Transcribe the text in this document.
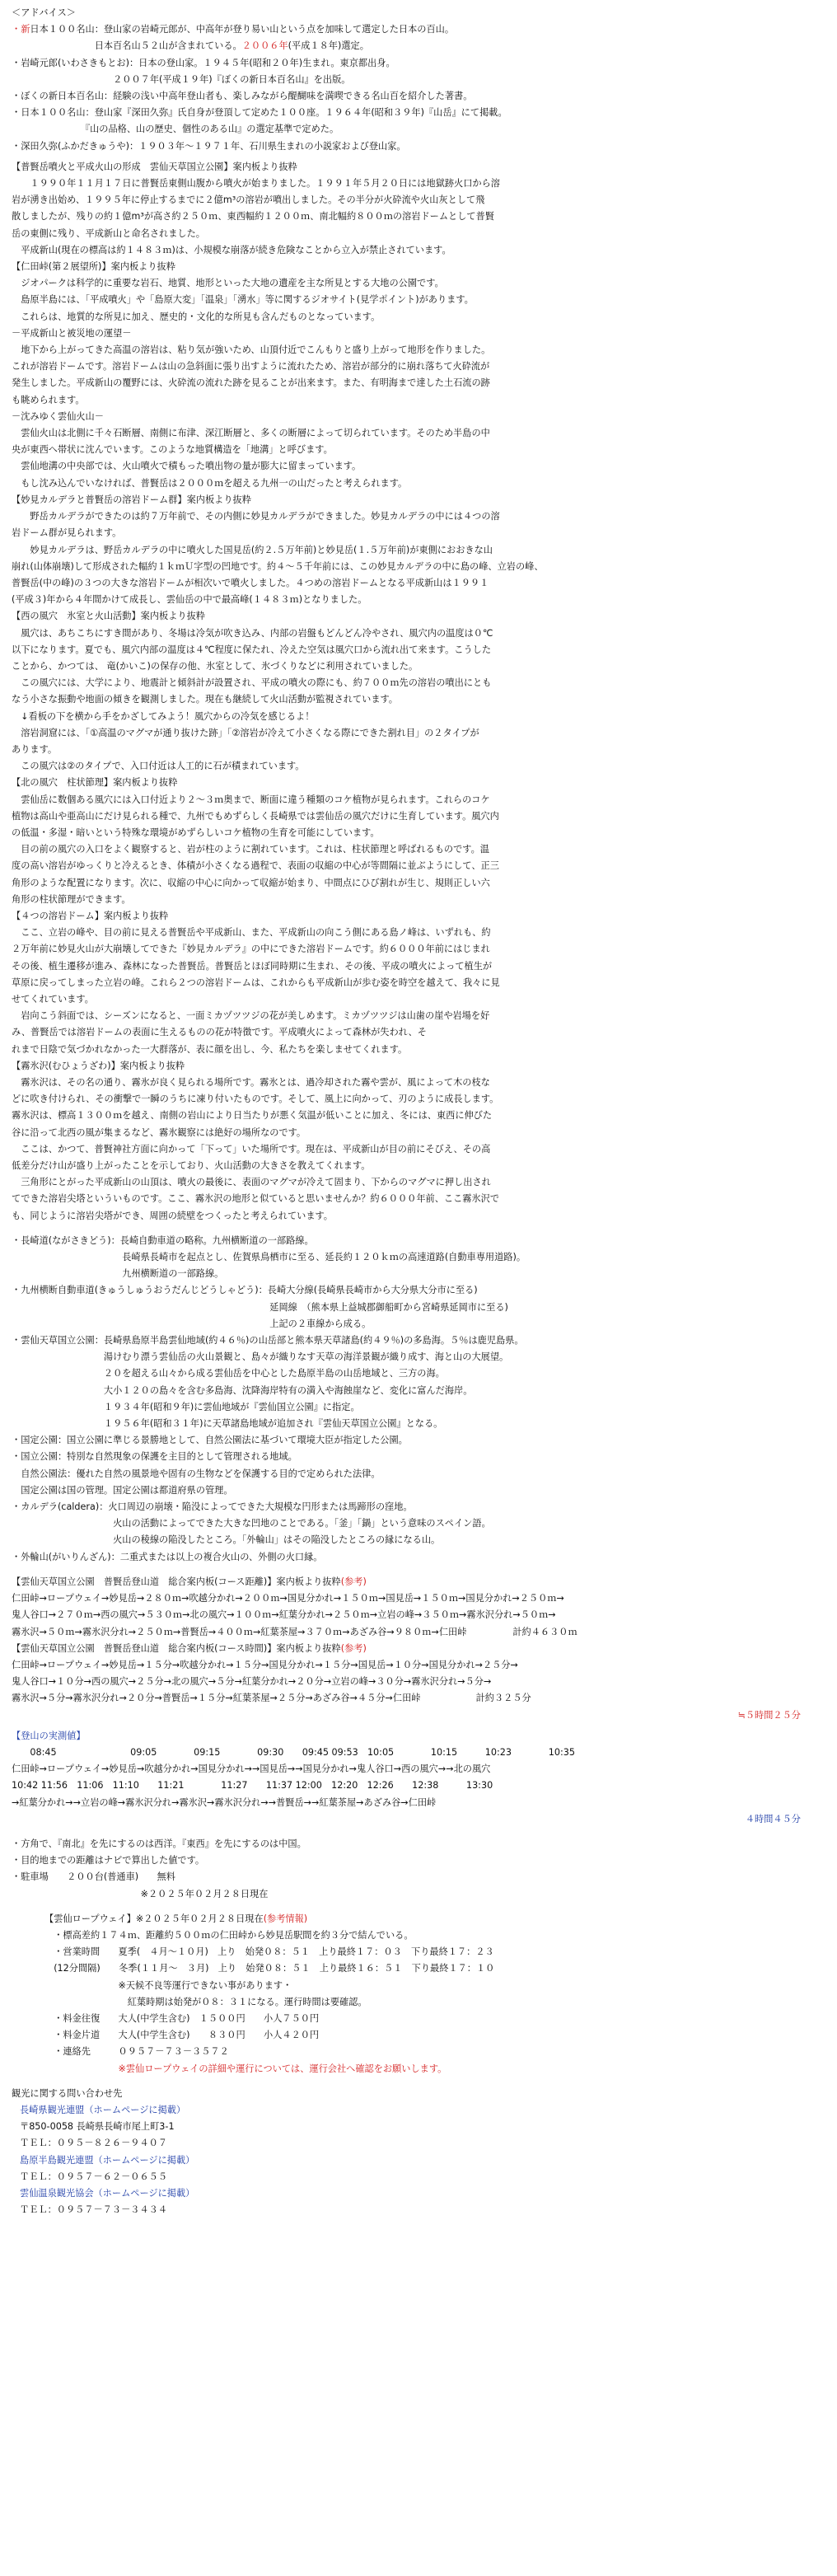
＜アドバイス＞
・新日本１００名山：登山家の岩崎元郎が、中高年が登り易い山という点を加味して選定した日本の百山。
　　　　　　　　　日本百名山５２山が含まれている。２００６年(平成１８年)選定。
・岩崎元郎(いわさきもとお)：日本の登山家。１９４５年(昭和２０年)生まれ。東京都出身。
　　　　　　　　　　　２００７年(平成１９年)『ぼくの新日本百名山』を出版。
・ぼくの新日本百名山：経験の浅い中高年登山者も、楽しみながら醍醐味を満喫できる名山百を紹介した著書。
・日本１００名山：登山家『深田久弥』氏自身が登頂して定めた１００座。１９６４年(昭和３９年)『山岳』にて掲載。
　　　　　　　　『山の品格、山の歴史、個性のある山』の選定基準で定めた。
・深田久弥(ふかだきゅうや)：１９０３年～１９７１年、石川県生まれの小説家および登山家。
【普賢岳噴火と平成火山の形成　雲仙天草国立公園】案内板より抜粋
　　１９９０年１１月１７日に普賢岳東側山腹から噴火が始まりました。１９９１年５月２０日には地獄跡火口から溶
岩が湧き出始め、１９９５年に停止するまでに２億m³の溶岩が噴出しました。その半分が火砕流や火山灰として飛
散しましたが、残りの約１億m³が高さ約２５０ｍ、東西幅約１２００ｍ、南北幅約８００ｍの溶岩ドームとして普賢
岳の東側に残り、平成新山と命名されました。
　平成新山(現在の標高は約１４８３ｍ)は、小規模な崩落が続き危険なことから立入が禁止されています。
【仁田峠(第２展望所)】案内板より抜粋
　ジオパークは科学的に重要な岩石、地質、地形といった大地の遺産を主な所見とする大地の公園です。
　島原半島には、「平成噴火」や「島原大変」「温泉」「湧水」等に関するジオサイト(見学ポイント)があります。
　これらは、地質的な所見に加え、歴史的・文化的な所見も含んだものとなっています。
－平成新山と被災地の運望－
　地下から上がってきた高温の溶岩は、粘り気が強いため、山頂付近でこんもりと盛り上がって地形を作りました。
これが溶岩ドームです。溶岩ドームは山の急斜面に張り出すように流れたため、溶岩が部分的に崩れ落ちて火砕流が
発生しました。平成新山の覆野には、火砕流の流れた跡を見ることが出来ます。また、有明海まで達した土石流の跡
も眺められます。
－沈みゆく雲仙火山－
　雲仙火山は北側に千々石断層、南側に布津、深江断層と、多くの断層によって切られています。そのため半島の中
央が東西へ帯状に沈んでいます。このような地質構造を「地溝」と呼びます。
　雲仙地溝の中央部では、火山噴火で積もった噴出物の量が膨大に留まっています。
　もし沈み込んでいなければ、普賢岳は２０００ｍを超える九州一の山だったと考えられます。
【妙見カルデラと普賢岳の溶岩ドーム群】案内板より抜粋
　　野岳カルデラができたのは約７万年前で、その内側に妙見カルデラができました。妙見カルデラの中には４つの溶
岩ドーム群が見られます。
　　妙見カルデラは、野岳カルデラの中に噴火した国見岳(約２.５万年前)と妙見岳(１.５万年前)が東側におおきな山
崩れ(山体崩壊)して形成された幅約１ｋｍＵ字型の凹地です。約４～５千年前には、この妙見カルデラの中に島の峰、立岩の峰、
普賢岳(中の峰)の３つの大きな溶岩ドームが相次いで噴火しました。４つめの溶岩ドームとなる平成新山は１９９１
(平成３)年から４年間かけて成長し、雲仙岳の中で最高峰(１４８３ｍ)となりました。
【西の風穴　氷室と火山活動】案内板より抜粋
　風穴は、あちこちにすき間があり、冬場は冷気が吹き込み、内部の岩盤もどんどん冷やされ、風穴内の温度は０℃
以下になります。夏でも、風穴内部の温度は４℃程度に保たれ、冷えた空気は風穴口から流れ出て来ます。こうした
ことから、かつては、 竜(かいこ)の保存の他、氷室として、氷づくりなどに利用されていました。
　この風穴には、大学により、地震計と傾斜計が設置され、平成の噴火の際にも、約７００ｍ先の溶岩の噴出にとも
なう小さな振動や地面の傾きを観測しました。現在も継続して火山活動が監視されています。
　↓看板の下を横から手をかざしてみよう！風穴からの冷気を感じるよ！
　溶岩洞窟には、「①高温のマグマが通り抜けた跡」「②溶岩が冷えて小さくなる際にできた割れ目」の２タイプが
あります。
　この風穴は②のタイプで、入口付近は人工的に石が積まれています。
【北の風穴　柱状節理】案内板より抜粋
　雲仙岳に数個ある風穴には入口付近より２～３ｍ奥まで、断面に違う種類のコケ植物が見られます。これらのコケ
植物は高山や亜高山にだけ見られる種で、九州でもめずらしく長崎県では雲仙岳の風穴だけに生育しています。風穴内
の低温・多湿・暗いという特殊な環境がめずらしいコケ植物の生育を可能にしています。
　目の前の風穴の入口をよく観察すると、岩が柱のように割れています。これは、柱状節理と呼ばれるものです。温
度の高い溶岩がゆっくりと冷えるとき、体積が小さくなる過程で、表面の収縮の中心が等間隔に並ぶようにして、正三
角形のような配置になります。次に、収縮の中心に向かって収縮が始まり、中間点にひび割れが生じ、規則正しい六
角形の柱状節理ができます。
【４つの溶岩ドーム】案内板より抜粋
　ここ、立岩の峰や、目の前に見える普賢岳や平成新山、また、平成新山の向こう側にある島ノ峰は、いずれも、約
２万年前に妙見火山が大崩壊してできた『妙見カルデラ』の中にできた溶岩ドームです。約６０００年前にはじまれ
その後、植生遷移が進み、森林になった普賢岳。普賢岳とほぼ同時期に生まれ、その後、平成の噴火によって植生が
草原に戻ってしまった立岩の峰。これら２つの溶岩ドームは、これからも平成新山が歩む姿を時空を越えて、我々に見
せてくれています。
　岩向こう斜面では、シーズンになると、一面ミカヅツツジの花が美しめます。ミカヅツツジは山歯の崖や岩場を好
み、普賢岳では溶岩ドームの表面に生えるものの花が特徴です。平成噴火によって森林が失われ、そ
れまで日陰で気づかれなかった一大群落が、表に顔を出し、今、私たちを楽しませてくれます。
【霧氷沢(むひょうざわ)】案内板より抜粋
　霧氷沢は、その名の通り、霧氷が良く見られる場所です。霧氷とは、過冷却された霧や雲が、風によって木の枝な
どに吹き付けられ、その衝撃で一瞬のうちに凍り付いたものです。そして、風上に向かって、刃のように成長します。
霧氷沢は、標高１３００ｍを越え、南側の岩山により日当たりが悪く気温が低いことに加え、冬には、東西に伸びた
谷に沿って北西の風が集まるなど、霧氷観察には絶好の場所なのです。
　ここは、かつて、普賢神社方面に向かって「下って」いた場所です。現在は、平成新山が目の前にそびえ、その高
低差分だけ山が盛り上がったことを示しており、火山活動の大きさを教えてくれます。
　三角形にとがった平成新山の山頂は、噴火の最後に、表面のマグマが冷えて固まり、下からのマグマに押し出され
てできた溶岩尖塔といういものです。ここ、霧氷沢の地形と似ていると思いませんか？約６０００年前、ここ霧氷沢で
も、同じように溶岩尖塔ができ、周囲の続壁をつくったと考えられています。
・長崎道(ながさきどう)：長崎自動車道の略称。九州横断道の一部路線。
　　　　　　　　　　　　長崎県長崎市を起点とし、佐賀県鳥栖市に至る、延長約１２０ｋｍの高速道路(自動車専用道路)。
　　　　　　　　　　　　九州横断道の一部路線。
・九州横断自動車道(きゅうしゅうおうだんじどうしゃどう)：長崎大分線(長崎県長崎市から大分県大分市に至る)
　　　　　　　　　　　　　　　　　　　　　　　　　　　　延岡線　（熊本県上益城郡御船町から宮崎県延岡市に至る)
　　　　　　　　　　　　　　　　　　　　　　　　　　　　上記の２車線から成る。
・雲仙天草国立公園：長崎県島原半島雲仙地域(約４６％)の山岳部と熊本県天草諸島(約４９％)の多島海。５％は鹿児島県。
　　　　　　　　　　湯けむり漂う雲仙岳の火山景観と、島々が織りなす天草の海洋景観が織り成す、海と山の大展望。
　　　　　　　　　　２０を超える山々から成る雲仙岳を中心とした島原半島の山岳地域と、三方の海。
　　　　　　　　　　大小１２０の島々を含む多島海、沈降海岸特有の満入や海蝕崖など、変化に富んだ海岸。
　　　　　　　　　　１９３４年(昭和９年)に雲仙地域が『雲仙国立公園』に指定。
　　　　　　　　　　１９５６年(昭和３１年)に天草諸島地域が追加され『雲仙天草国立公園』となる。
・国定公園：国立公園に準じる景勝地として、自然公園法に基づいて環境大臣が指定した公園。
・国立公園：特別な自然現象の保護を主目的として管理される地域。
　自然公園法：優れた自然の風景地や固有の生物などを保護する目的で定められた法律。
　国定公園は国の管理。国定公園は都道府県の管理。
・カルデラ(caldera)：火口周辺の崩壊・陥没によってできた大規模な円形または馬蹄形の窪地。
　　　　　　　　　　　火山の活動によってできた大きな凹地のことである。「釜」「鍋」という意味のスペイン語。
　　　　　　　　　　　火山の稜線の陥没したところ。「外輪山」はその陥没したところの縁になる山。
・外輪山(がいりんざん)：二重式または以上の複合火山の、外側の火口縁。
【雲仙天草国立公園　普賢岳登山道　総合案内板(コース距離)】案内板より抜粋(参考)
仁田峠→ロープウェイ→妙見岳→２８０ｍ→吹越分かれ→２００ｍ→国見分かれ→１５０ｍ→国見岳→１５０ｍ→国見分かれ→２５０ｍ→
鬼人谷口→２７０ｍ→西の風穴→５３０ｍ→北の風穴→１００ｍ→紅葉分かれ→２５０ｍ→立岩の峰→３５０ｍ→霧氷沢分れ→５０ｍ→
霧氷沢→５０ｍ→霧氷沢分れ→２５０ｍ→普賢岳→４００ｍ→紅葉茶屋→３７０ｍ→あざみ谷→９８０ｍ→仁田峠　　　　　計約４６３０ｍ
【雲仙天草国立公園　普賢岳登山道　総合案内板(コース時間)】案内板より抜粋(参考)
仁田峠→ロープウェイ→妙見岳→１５分→吹越分かれ→１５分→国見分かれ→１５分→国見岳→１０分→国見分かれ→２５分→
鬼人谷口→１０分→西の風穴→２５分→北の風穴→５分→紅葉分かれ→２０分→立岩の峰→３０分→霧氷沢分れ→５分→
霧氷沢→５分→霧氷沢分れ→２０分→普賢岳→１５分→紅葉茶屋→２５分→あざみ谷→４５分→仁田峠　　　　　　計約３２５分
≒５時間２５分
【登山の実測値】
　　08:45　　　　　　　　09:05　　　　09:15　　　　09:30　　09:45 09:53　10:05　　　　10:15　　　10:23　　　　10:35
仁田峠→ロープウェイ→妙見岳→吹越分かれ→国見分かれ→→国見岳→→国見分かれ→鬼人谷口→西の風穴→→北の風穴
10:42 11:56　11:06　11:10　　11:21　　　　11:27　　11:37 12:00　12:20　12:26　　12:38　　　13:30
→紅葉分かれ→→立岩の峰→霧氷沢分れ→霧氷沢→霧氷沢分れ→→普賢岳→→紅葉茶屋→あざみ谷→仁田峠
４時間４５分
・方角で、『南北』を先にするのは西洋。『東西』を先にするのは中国。
・目的地までの距離はナビで算出した値です。
・駐車場　　２００台(普通車)　　無料
　　　　　　　　　　　　　　※２０２５年０２月２８日現在
【雲仙ロープウェイ】※２０２５年０２月２８日現在(参考情報)
　・標高差約１７４ｍ、距離約５００ｍの仁田峠から妙見岳駅間を約３分で結んでいる。
　・営業時間　　夏季(　４月～１０月)　上り　始発０８：５１　上り最終１７：０３　下り最終１７：２３
　(12分間隔)　　冬季(１１月～　３月)　上り　始発０８：５１　上り最終１６：５１　下り最終１７：１０
　　　　　　　　※天候不良等運行できない事があります・
　　　　　　　　　紅葉時期は始発が０８：３１になる。運行時間は要確認。
　・料金往復　　大人(中学生含む)　１５００円　　小人７５０円
　・料金片道　　大人(中学生含む)　　８３０円　　小人４２０円
　・連絡先　　　０９５７－７３－３５７２
　　　　　　　　※雲仙ロープウェイの詳細や運行については、運行会社へ確認をお願いします。
観光に関する問い合わせ先
長崎県観光連盟（ホームページに掲載）
〒850-0058 長崎県長崎市尾上町3-1
ＴＥＬ：０９５－８２６－９４０７
島原半島観光連盟（ホームページに掲載）
ＴＥＬ：０９５７－６２－０６５５
雲仙温泉観光協会（ホームページに掲載）
ＴＥＬ：０９５７－７３－３４３４
